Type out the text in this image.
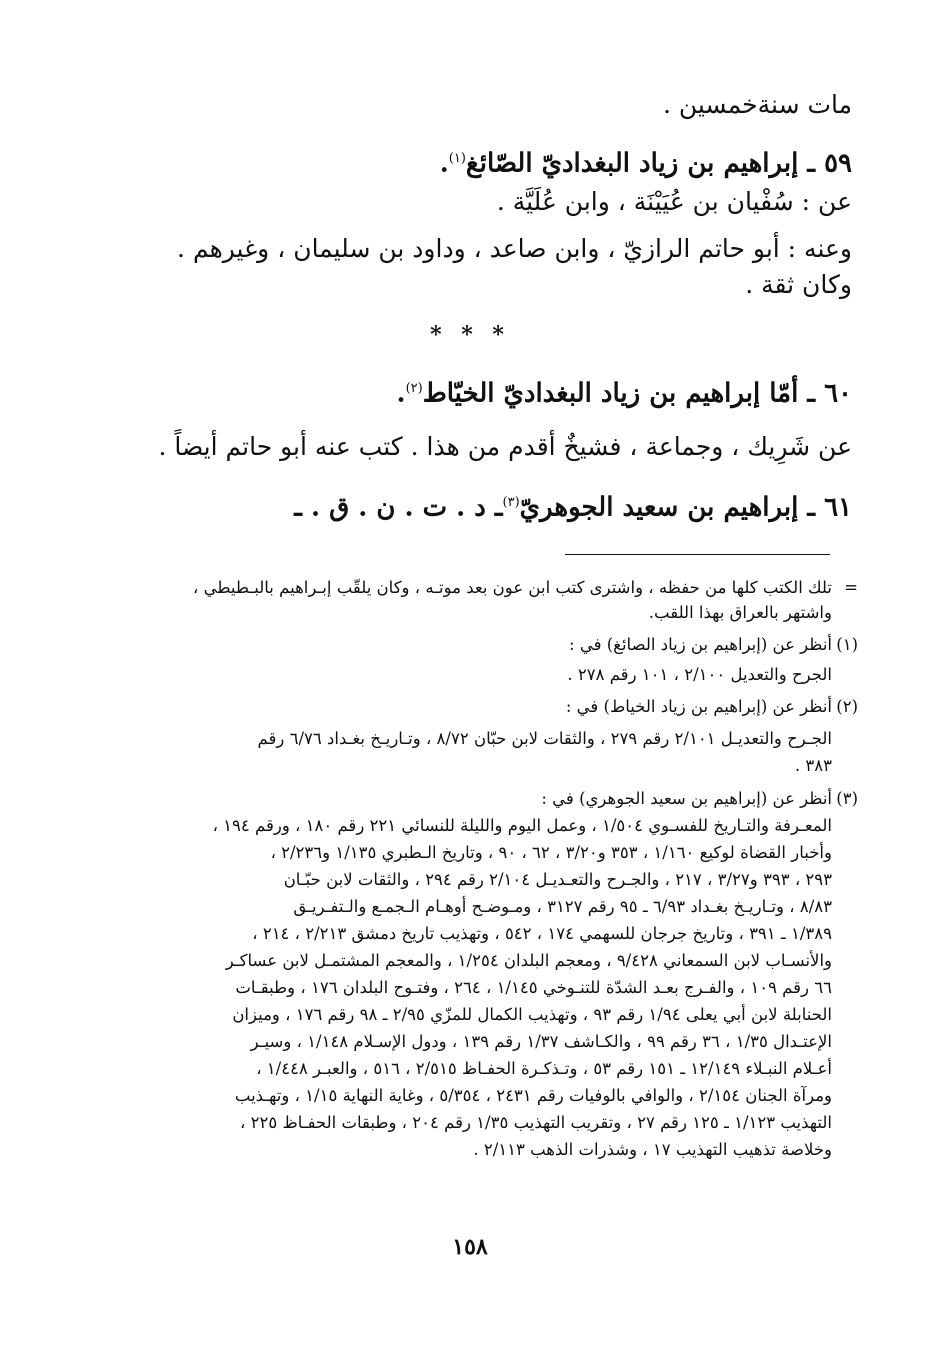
مات سنةخمسين .
٥٩ ـ إبراهيم بن زياد البغداديّ الصّائغ$^{(١)}$.
عن : سُفْيان بن عُيَيْنَة ، وابن عُلَيَّة .
وعنه : أبو حاتم الرازيّ ، وابن صاعد ، وداود بن سليمان ، وغيرهم .
وكان ثقة .
* * *
٦٠ ـ أمّا إبراهيم بن زياد البغداديّ الخيّاط$^{(٢)}$.
عن شَرِيك ، وجماعة ، فشيخٌ أقدم من هذا . كتب عنه أبو حاتم أيضاً .
٦١ ـ إبراهيم بن سعيد الجوهريّ$^{(٣)}$ـ د . ت . ن . ق . ـ
=
تلك الكتب كلها من حفظه ، واشترى كتب ابن عون بعد موتـه ، وكان يلقّب إبـراهيم بالبـطيطي ،
واشتهر بالعراق بهذا اللقب.
(١)
أنظر عن (إبراهيم بن زياد الصائغ) في :
الجرح والتعديل ٢/١٠٠ ، ١٠١ رقم ٢٧٨ .
(٢)
أنظر عن (إبراهيم بن زياد الخياط) في :
الجـرح والتعديـل ٢/١٠١ رقم ٢٧٩ ، والثقات لابن حبّان ٨/٧٢ ، وتـاريـخ بغـداد ٦/٧٦ رقم
٣٨٣ .
(٣)
أنظر عن (إبراهيم بن سعيد الجوهري) في :
المعـرفة والتـاريخ للفسـوي ١/٥٠٤ ، وعمل اليوم والليلة للنسائي ٢٢١ رقم ١٨٠ ، ورقم ١٩٤ ،
وأخبار القضاة لوكيع ١/١٦٠ ، ٣٥٣ و٣/٢٠ ، ٦٢ ، ٩٠ ، وتاريخ الـطبري ١/١٣٥ و٢/٢٣٦ ،
٢٩٣ ، ٣٩٣ و٣/٢٧ ، ٢١٧ ، والجـرح والتعـديـل ٢/١٠٤ رقم ٢٩٤ ، والثقات لابن حبّـان
٨/٨٣ ، وتـاريـخ بغـداد ٦/٩٣ ـ ٩٥ رقم ٣١٢٧ ، ومـوضـح أوهـام الـجمـع والـتفـريـق
١/٣٨٩ ـ ٣٩١ ، وتاريخ جرجان للسهمي ١٧٤ ، ٥٤٢ ، وتهذيب تاريخ دمشق ٢/٢١٣ ، ٢١٤ ،
والأنسـاب لابن السمعاني ٩/٤٢٨ ، ومعجم البلدان ١/٢٥٤ ، والمعجم المشتمـل لابن عساكـر
٦٦ رقم ١٠٩ ، والفـرج بعـد الشدّة للتنـوخي ١/١٤٥ ، ٢٦٤ ، وفتـوح البلدان ١٧٦ ، وطبقـات
الحنابلة لابن أبي يعلى ١/٩٤ رقم ٩٣ ، وتهذيب الكمال للمزّي ٢/٩٥ ـ ٩٨ رقم ١٧٦ ، وميزان
الإعتـدال ١/٣٥ ، ٣٦ رقم ٩٩ ، والكـاشف ١/٣٧ رقم ١٣٩ ، ودول الإسـلام ١/١٤٨ ، وسيـر
أعـلام النبـلاء ١٢/١٤٩ ـ ١٥١ رقم ٥٣ ، وتـذكـرة الحفـاظ ٢/٥١٥ ، ٥١٦ ، والعبـر ١/٤٤٨ ،
ومرآة الجنان ٢/١٥٤ ، والوافي بالوفيات رقم ٢٤٣١ ، ٥/٣٥٤ ، وغاية النهاية ١/١٥ ، وتهـذيب
التهذيب ١/١٢٣ ـ ١٢٥ رقم ٢٧ ، وتقريب التهذيب ١/٣٥ رقم ٢٠٤ ، وطبقات الحفـاظ ٢٢٥ ،
وخلاصة تذهيب التهذيب ١٧ ، وشذرات الذهب ٢/١١٣ .
١٥٨
